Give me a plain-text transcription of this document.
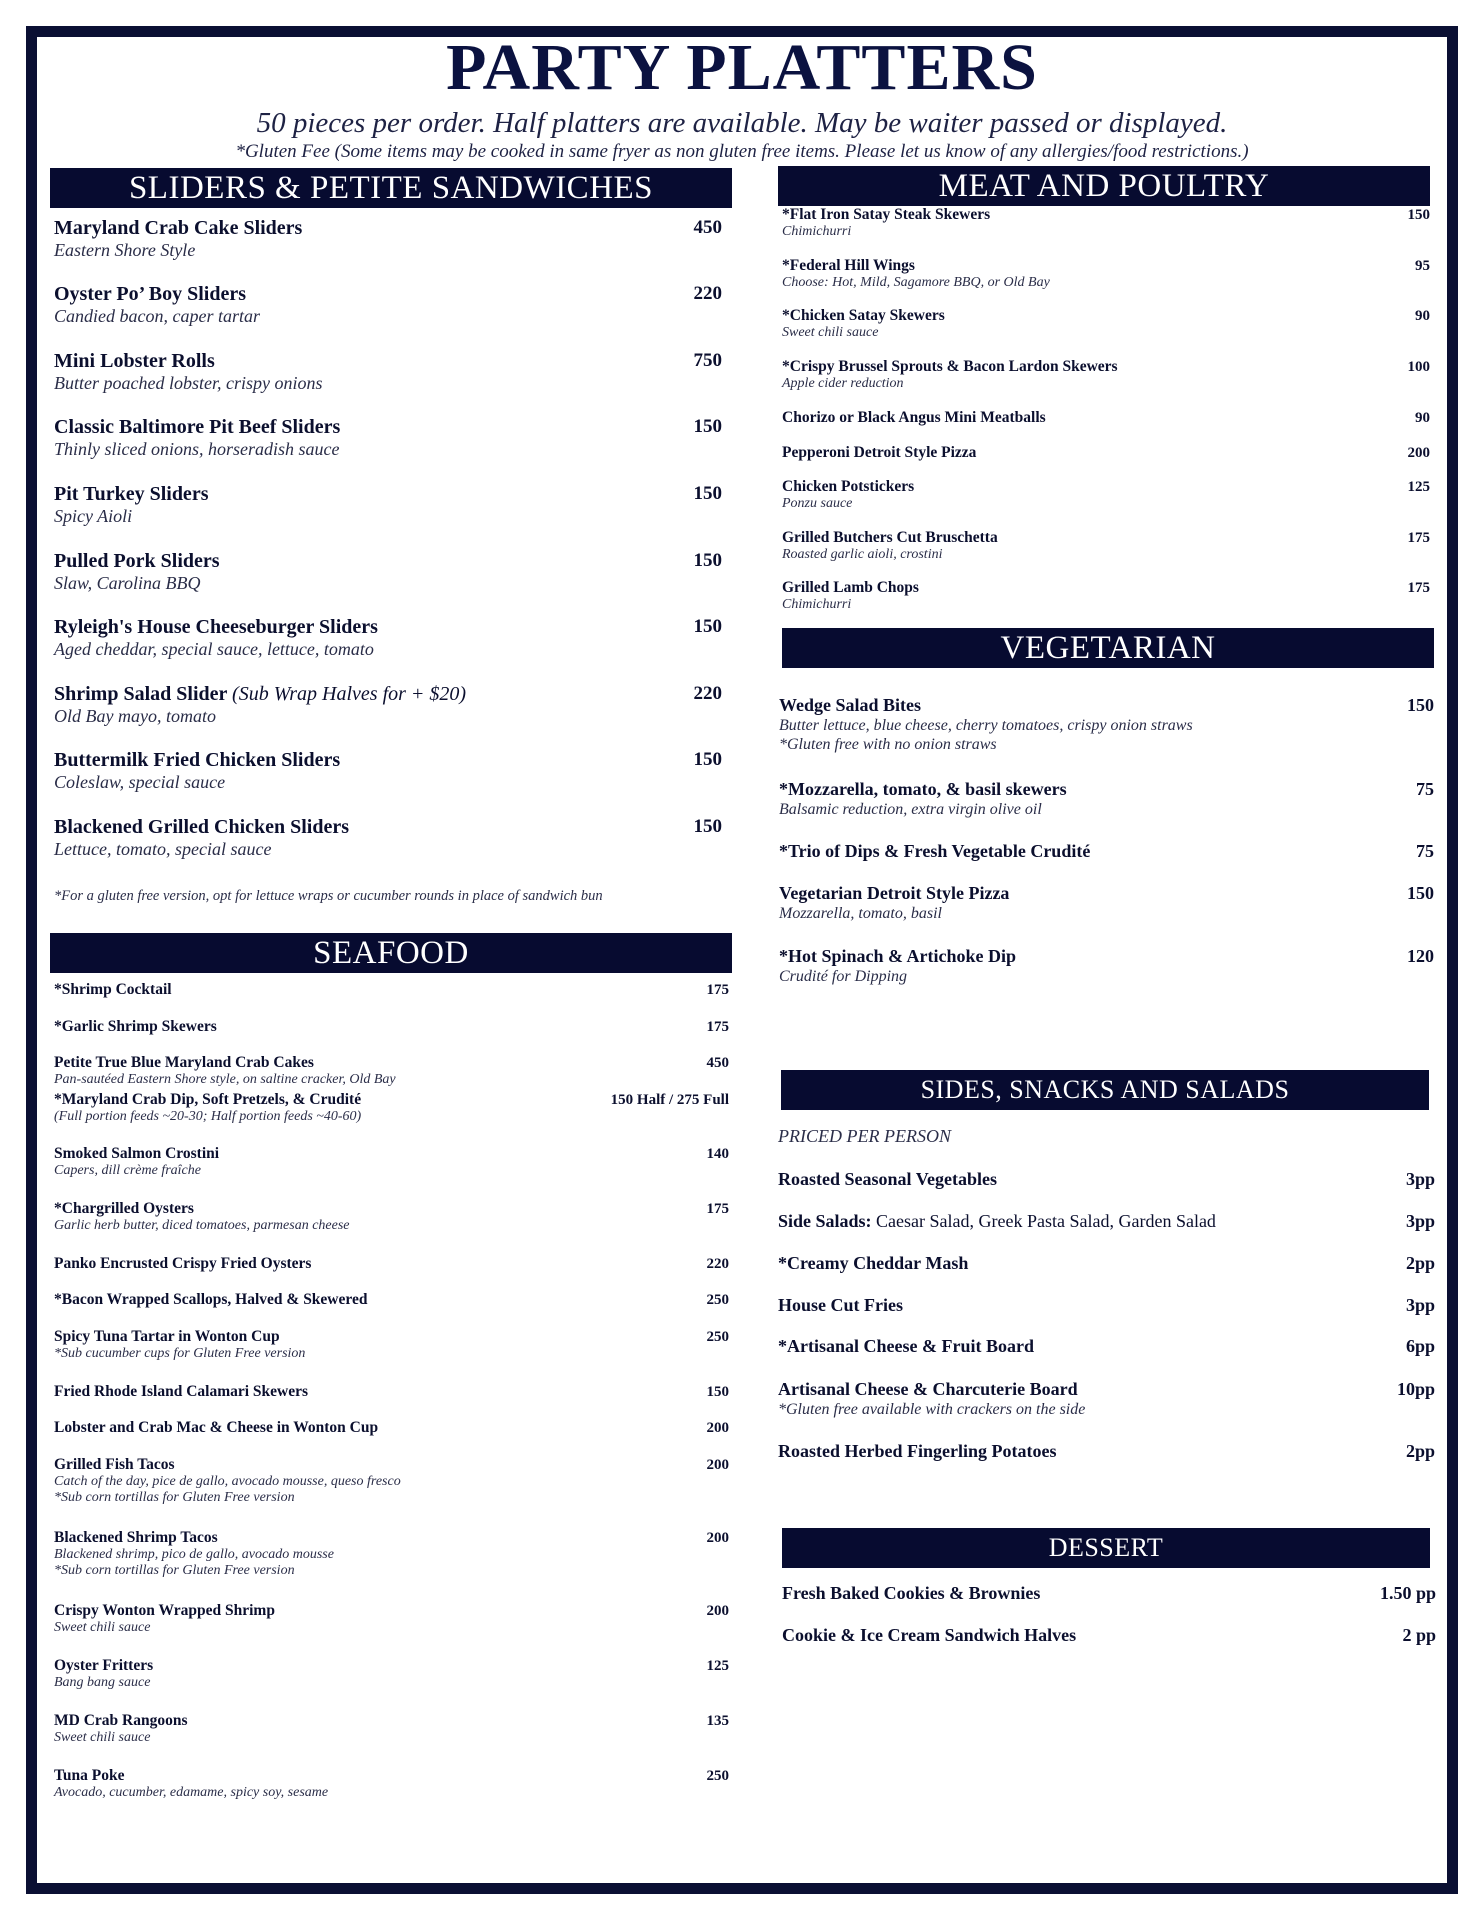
PARTY PLATTERS
50 pieces per order. Half platters are available. May be waiter passed or displayed.
*Gluten Fee (Some items may be cooked in same fryer as non gluten free items. Please let us know of any allergies/food restrictions.)
SLIDERS & PETITE SANDWICHES
Maryland Crab Cake Sliders
Eastern Shore Style
450
Oyster Po’ Boy Sliders
Candied bacon, caper tartar
220
Mini Lobster Rolls
Butter poached lobster, crispy onions
750
Classic Baltimore Pit Beef Sliders
Thinly sliced onions, horseradish sauce
150
Pit Turkey Sliders
Spicy Aioli
150
Pulled Pork Sliders
Slaw, Carolina BBQ
150
Ryleigh's House Cheeseburger Sliders
Aged cheddar, special sauce, lettuce, tomato
150
Shrimp Salad Slider (Sub Wrap Halves for + $20)
Old Bay mayo, tomato
220
Buttermilk Fried Chicken Sliders
Coleslaw, special sauce
150
Blackened Grilled Chicken Sliders
Lettuce, tomato, special sauce
150
*For a gluten free version, opt for lettuce wraps or cucumber rounds in place of sandwich bun
SEAFOOD
*Shrimp Cocktail	175
*Garlic Shrimp Skewers	175
Petite True Blue Maryland Crab Cakes
Pan-sautéed Eastern Shore style, on saltine cracker, Old Bay
450
*Maryland Crab Dip, Soft Pretzels, & Crudité
(Full portion feeds ~20-30; Half portion feeds ~40-60)
150 Half / 275 Full
Smoked Salmon Crostini
Capers, dill crème fraîche
140
*Chargrilled Oysters
Garlic herb butter, diced tomatoes, parmesan cheese
175
Panko Encrusted Crispy Fried Oysters	220
*Bacon Wrapped Scallops, Halved & Skewered	250
Spicy Tuna Tartar in Wonton Cup
*Sub cucumber cups for Gluten Free version
250
Fried Rhode Island Calamari Skewers	150
Lobster and Crab Mac & Cheese in Wonton Cup	200
Grilled Fish Tacos
Catch of the day, pice de gallo, avocado mousse, queso fresco
*Sub corn tortillas for Gluten Free version
200
Blackened Shrimp Tacos
Blackened shrimp, pico de gallo, avocado mousse
*Sub corn tortillas for Gluten Free version
200
Crispy Wonton Wrapped Shrimp
Sweet chili sauce
200
Oyster Fritters
Bang bang sauce
125
MD Crab Rangoons
Sweet chili sauce
135
Tuna Poke
Avocado, cucumber, edamame, spicy soy, sesame
250
MEAT AND POULTRY
*Flat Iron Satay Steak Skewers
Chimichurri
150
*Federal Hill Wings
Choose: Hot, Mild, Sagamore BBQ, or Old Bay
95
*Chicken Satay Skewers
Sweet chili sauce
90
*Crispy Brussel Sprouts & Bacon Lardon Skewers
Apple cider reduction
100
Chorizo or Black Angus Mini Meatballs	90
Pepperoni Detroit Style Pizza	200
Chicken Potstickers
Ponzu sauce
125
Grilled Butchers Cut Bruschetta
Roasted garlic aioli, crostini
175
Grilled Lamb Chops
Chimichurri
175
VEGETARIAN
Wedge Salad Bites
Butter lettuce, blue cheese, cherry tomatoes, crispy onion straws
*Gluten free with no onion straws
150
*Mozzarella, tomato, & basil skewers
Balsamic reduction, extra virgin olive oil
75
*Trio of Dips & Fresh Vegetable Crudité	75
Vegetarian Detroit Style Pizza
Mozzarella, tomato, basil
150
*Hot Spinach & Artichoke Dip
Crudité for Dipping
120
SIDES, SNACKS AND SALADS
PRICED PER PERSON
Roasted Seasonal Vegetables	3pp
Side Salads: Caesar Salad, Greek Pasta Salad, Garden Salad	3pp
*Creamy Cheddar Mash	2pp
House Cut Fries	3pp
*Artisanal Cheese & Fruit Board	6pp
Artisanal Cheese & Charcuterie Board
*Gluten free available with crackers on the side
10pp
Roasted Herbed Fingerling Potatoes	2pp
DESSERT
Fresh Baked Cookies & Brownies	1.50 pp
Cookie & Ice Cream Sandwich Halves	2 pp
